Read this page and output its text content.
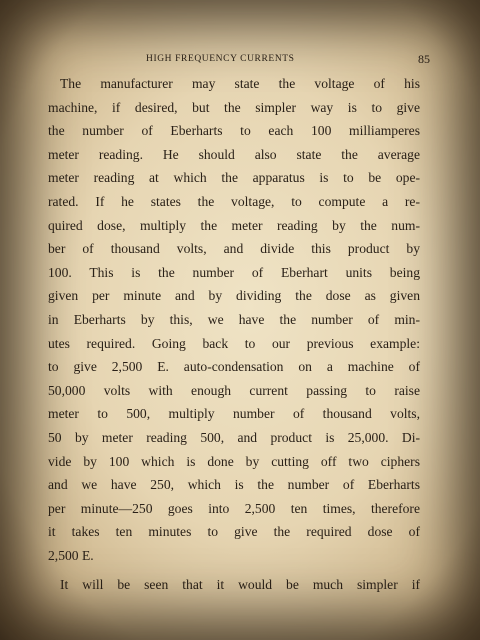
HIGH FREQUENCY CURRENTS	85
The manufacturer may state the voltage of his
machine, if desired, but the simpler way is to give
the number of Eberharts to each 100 milliamperes
meter reading. He should also state the average
meter reading at which the apparatus is to be ope-
rated. If he states the voltage, to compute a re-
quired dose, multiply the meter reading by the num-
ber of thousand volts, and divide this product by
100. This is the number of Eberhart units being
given per minute and by dividing the dose as given
in Eberharts by this, we have the number of min-
utes required. Going back to our previous example:
to give 2,500 E. auto-condensation on a machine of
50,000 volts with enough current passing to raise
meter to 500, multiply number of thousand volts,
50 by meter reading 500, and product is 25,000. Di-
vide by 100 which is done by cutting off two ciphers
and we have 250, which is the number of Eberharts
per minute—250 goes into 2,500 ten times, therefore
it takes ten minutes to give the required dose of
2,500 E.
It will be seen that it would be much simpler if
